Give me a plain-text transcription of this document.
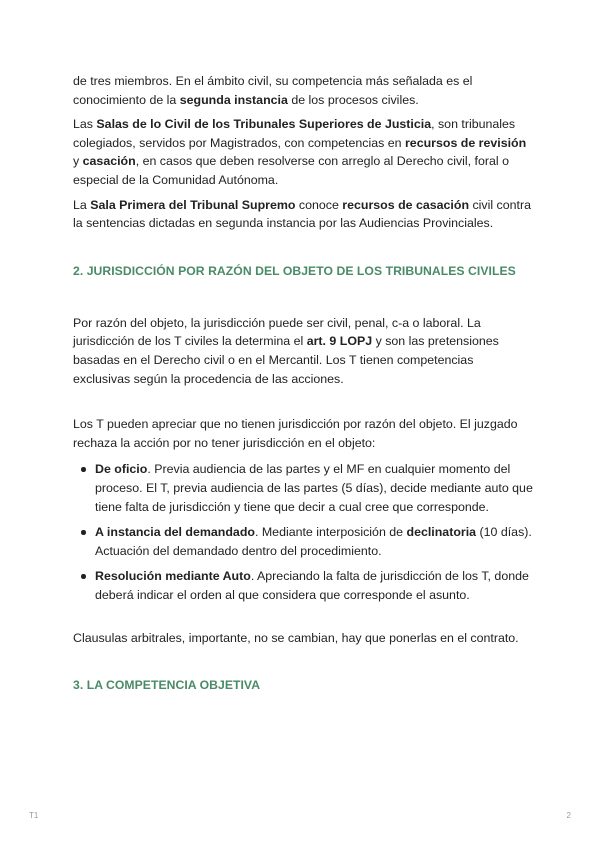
de tres miembros. En el ámbito civil, su competencia más señalada es el conocimiento de la segunda instancia de los procesos civiles.

Las Salas de lo Civil de los Tribunales Superiores de Justicia, son tribunales colegiados, servidos por Magistrados, con competencias en recursos de revisión y casación, en casos que deben resolverse con arreglo al Derecho civil, foral o especial de la Comunidad Autónoma.

La Sala Primera del Tribunal Supremo conoce recursos de casación civil contra la sentencias dictadas en segunda instancia por las Audiencias Provinciales.

2. JURISDICCIÓN POR RAZÓN DEL OBJETO DE LOS TRIBUNALES CIVILES

Por razón del objeto, la jurisdicción puede ser civil, penal, c-a o laboral. La jurisdicción de los T civiles la determina el art. 9 LOPJ y son las pretensiones basadas en el Derecho civil o en el Mercantil. Los T tienen competencias exclusivas según la procedencia de las acciones.

Los T pueden apreciar que no tienen jurisdicción por razón del objeto. El juzgado rechaza la acción por no tener jurisdicción en el objeto:

De oficio. Previa audiencia de las partes y el MF en cualquier momento del proceso. El T, previa audiencia de las partes (5 días), decide mediante auto que tiene falta de jurisdicción y tiene que decir a cual cree que corresponde.
A instancia del demandado. Mediante interposición de declinatoria (10 días). Actuación del demandado dentro del procedimiento.
Resolución mediante Auto. Apreciando la falta de jurisdicción de los T, donde deberá indicar el orden al que considera que corresponde el asunto.

Clausulas arbitrales, importante, no se cambian, hay que ponerlas en el contrato.

3. LA COMPETENCIA OBJETIVA
T1	2
